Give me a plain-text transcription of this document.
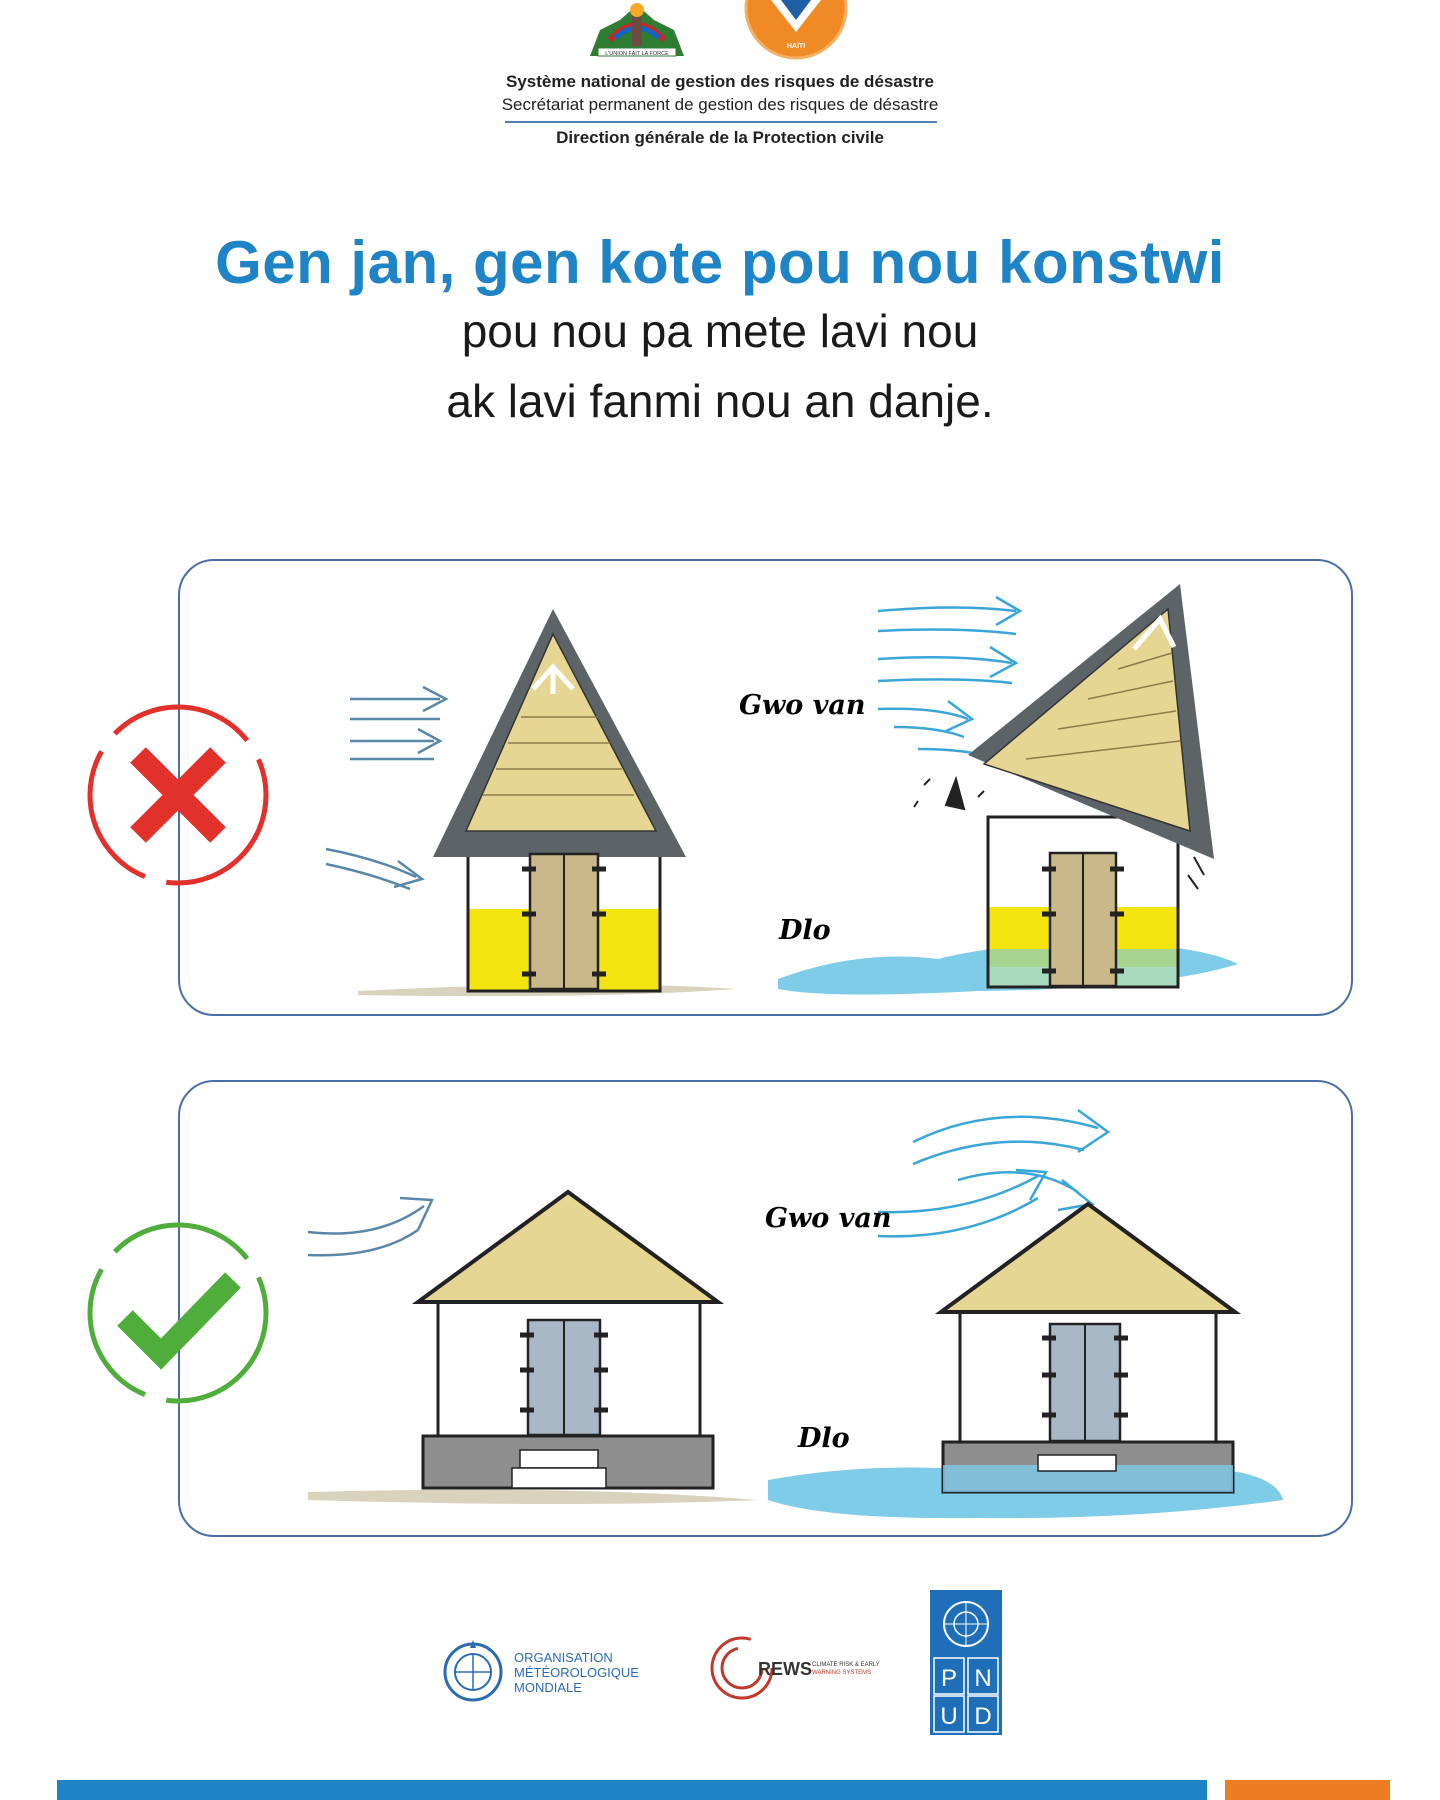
L'UNION FAIT LA FORCE
HAÏTI
Système national de gestion des risques de désastre
Secrétariat permanent de gestion des risques de désastre
Direction générale de la Protection civile
Gen jan, gen kote pou nou konstwi
pou nou pa mete lavi nou
ak lavi fanmi nou an danje.
Gwo van
Dlo
Gwo van
Dlo
ORGANISATION
MÉTÉOROLOGIQUE
MONDIALE
REWS CLIMATE RISK & EARLY
WARNING SYSTEMS	P N
U D
